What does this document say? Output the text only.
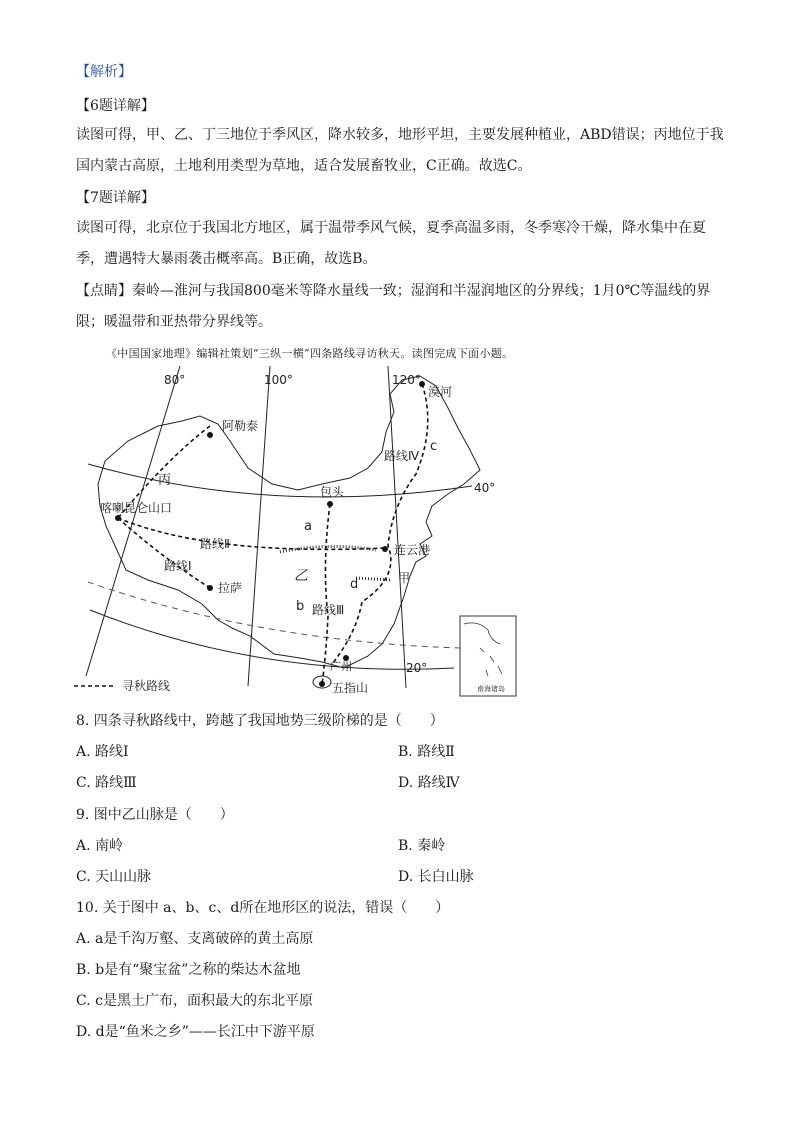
【解析】
【6题详解】
读图可得，甲、乙、丁三地位于季风区，降水较多，地形平坦，主要发展种植业，ABD错误；丙地位于我
国内蒙古高原，土地利用类型为草地，适合发展畜牧业，C正确。故选C。
【7题详解】
读图可得，北京位于我国北方地区，属于温带季风气候，夏季高温多雨，冬季寒冷干燥，降水集中在夏
季，遭遇特大暴雨袭击概率高。B正确，故选B。
【点睛】秦岭—淮河与我国800毫米等降水量线一致；湿润和半湿润地区的分界线；1月0℃等温线的界
限；暖温带和亚热带分界线等。
《中国国家地理》编辑社策划“三纵一横”四条路线寻访秋天。读图完成下面小题。
80°	100°	120°
40°
20°
阿勒泰
漠河
包头
喀喇昆仑山口
连云港
拉萨
广州
五指山
路线Ⅰ
路线Ⅱ
路线Ⅲ
路线Ⅳ
a
b
c
d	甲
乙
丙
寻秋路线	南海诸岛
8. 四条寻秋路线中，跨越了我国地势三级阶梯的是（　　）
A. 路线Ⅰ	B. 路线Ⅱ
C. 路线Ⅲ	D. 路线Ⅳ
9. 图中乙山脉是（　　）
A. 南岭	B. 秦岭
C. 天山山脉	D. 长白山脉
10. 关于图中 a、b、c、d所在地形区的说法，错误（　　）
A. a是千沟万壑、支离破碎的黄土高原
B. b是有“聚宝盆”之称的柴达木盆地
C. c是黑土广布，面积最大的东北平原
D. d是“鱼米之乡”——长江中下游平原
